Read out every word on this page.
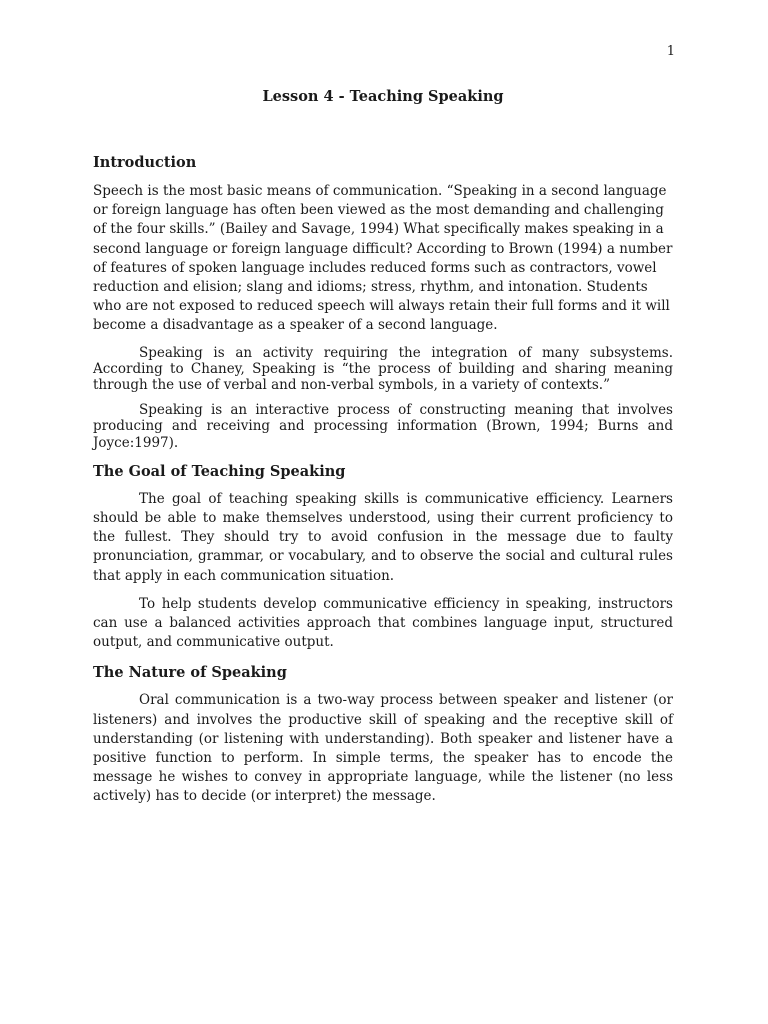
1
Lesson 4 - Teaching Speaking
Introduction

Speech is the most basic means of communication. “Speaking in a second language or foreign language has often been viewed as the most demanding and challenging of the four skills.” (Bailey and Savage, 1994) What specifically makes speaking in a second language or foreign language difficult? According to Brown (1994) a number of features of spoken language includes reduced forms such as contractors, vowel reduction and elision; slang and idioms; stress, rhythm, and intonation. Students who are not exposed to reduced speech will always retain their full forms and it will become a disadvantage as a speaker of a second language.

Speaking is an activity requiring the integration of many subsystems. According to Chaney, Speaking is “the process of building and sharing meaning through the use of verbal and non-verbal symbols, in a variety of contexts.”

Speaking is an interactive process of constructing meaning that involves producing and receiving and processing information (Brown, 1994; Burns and Joyce:1997).

The Goal of Teaching Speaking

The goal of teaching speaking skills is communicative efficiency. Learners should be able to make themselves understood, using their current proficiency to the fullest. They should try to avoid confusion in the message due to faulty pronunciation, grammar, or vocabulary, and to observe the social and cultural rules that apply in each communication situation.

To help students develop communicative efficiency in speaking, instructors can use a balanced activities approach that combines language input, structured output, and communicative output.

The Nature of Speaking

Oral communication is a two-way process between speaker and listener (or listeners) and involves the productive skill of speaking and the receptive skill of understanding (or listening with understanding). Both speaker and listener have a positive function to perform. In simple terms, the speaker has to encode the message he wishes to convey in appropriate language, while the listener (no less actively) has to decide (or interpret) the message.
